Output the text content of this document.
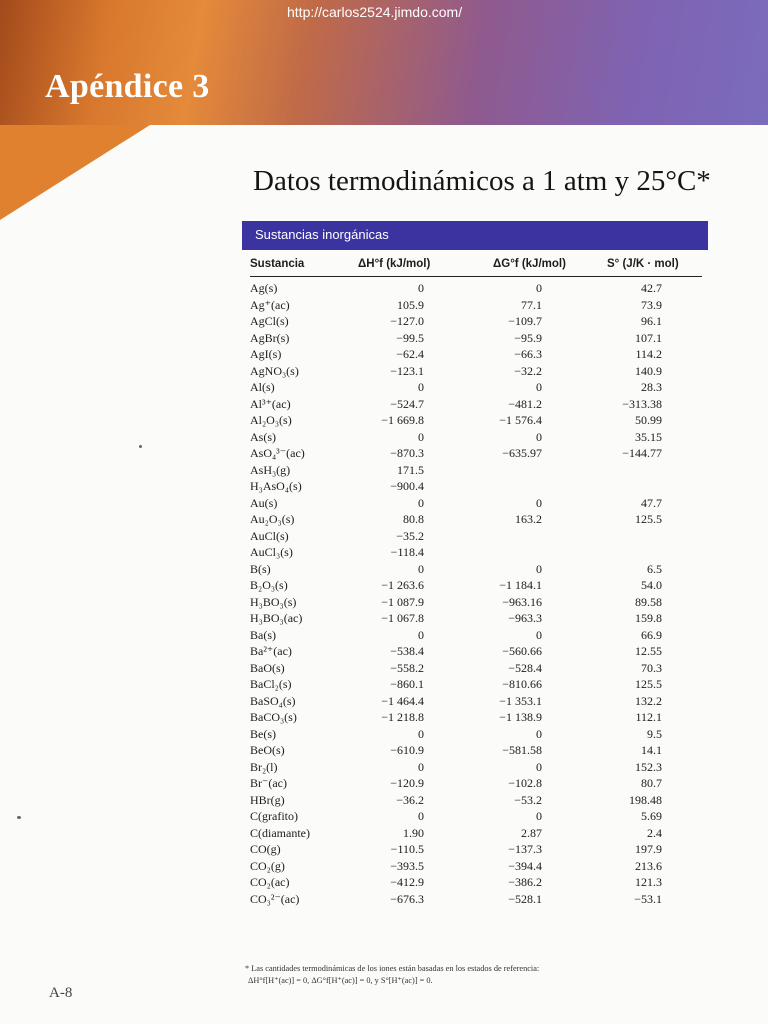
http://carlos2524.jimdo.com/
Apéndice 3
Datos termodinámicos a 1 atm y 25°C*
Sustancias inorgánicas
Sustancia	ΔH°f (kJ/mol)	ΔG°f (kJ/mol)	S° (J/K · mol)
Ag(s)	0	0	42.7
Ag⁺(ac)	105.9	77.1	73.9
AgCl(s)	−127.0	−109.7	96.1
AgBr(s)	−99.5	−95.9	107.1
AgI(s)	−62.4	−66.3	114.2
AgNO₃(s)	−123.1	−32.2	140.9
Al(s)	0	0	28.3
Al³⁺(ac)	−524.7	−481.2	−313.38
Al₂O₃(s)	−1 669.8	−1 576.4	50.99
As(s)	0	0	35.15
AsO₄³⁻(ac)	−870.3	−635.97	−144.77
AsH₃(g)	171.5
H₃AsO₄(s)	−900.4
Au(s)	0	0	47.7
Au₂O₃(s)	80.8	163.2	125.5
AuCl(s)	−35.2
AuCl₃(s)	−118.4
B(s)	0	0	6.5
B₂O₃(s)	−1 263.6	−1 184.1	54.0
H₃BO₃(s)	−1 087.9	−963.16	89.58
H₃BO₃(ac)	−1 067.8	−963.3	159.8
Ba(s)	0	0	66.9
Ba²⁺(ac)	−538.4	−560.66	12.55
BaO(s)	−558.2	−528.4	70.3
BaCl₂(s)	−860.1	−810.66	125.5
BaSO₄(s)	−1 464.4	−1 353.1	132.2
BaCO₃(s)	−1 218.8	−1 138.9	112.1
Be(s)	0	0	9.5
BeO(s)	−610.9	−581.58	14.1
Br₂(l)	0	0	152.3
Br⁻(ac)	−120.9	−102.8	80.7
HBr(g)	−36.2	−53.2	198.48
C(grafito)	0	0	5.69
C(diamante)	1.90	2.87	2.4
CO(g)	−110.5	−137.3	197.9
CO₂(g)	−393.5	−394.4	213.6
CO₂(ac)	−412.9	−386.2	121.3
CO₃²⁻(ac)	−676.3	−528.1	−53.1
* Las cantidades termodinámicas de los iones están basadas en los estados de referencia:
ΔH°f[H⁺(ac)] = 0, ΔG°f[H⁺(ac)] = 0, y S°[H⁺(ac)] = 0.
A-8
